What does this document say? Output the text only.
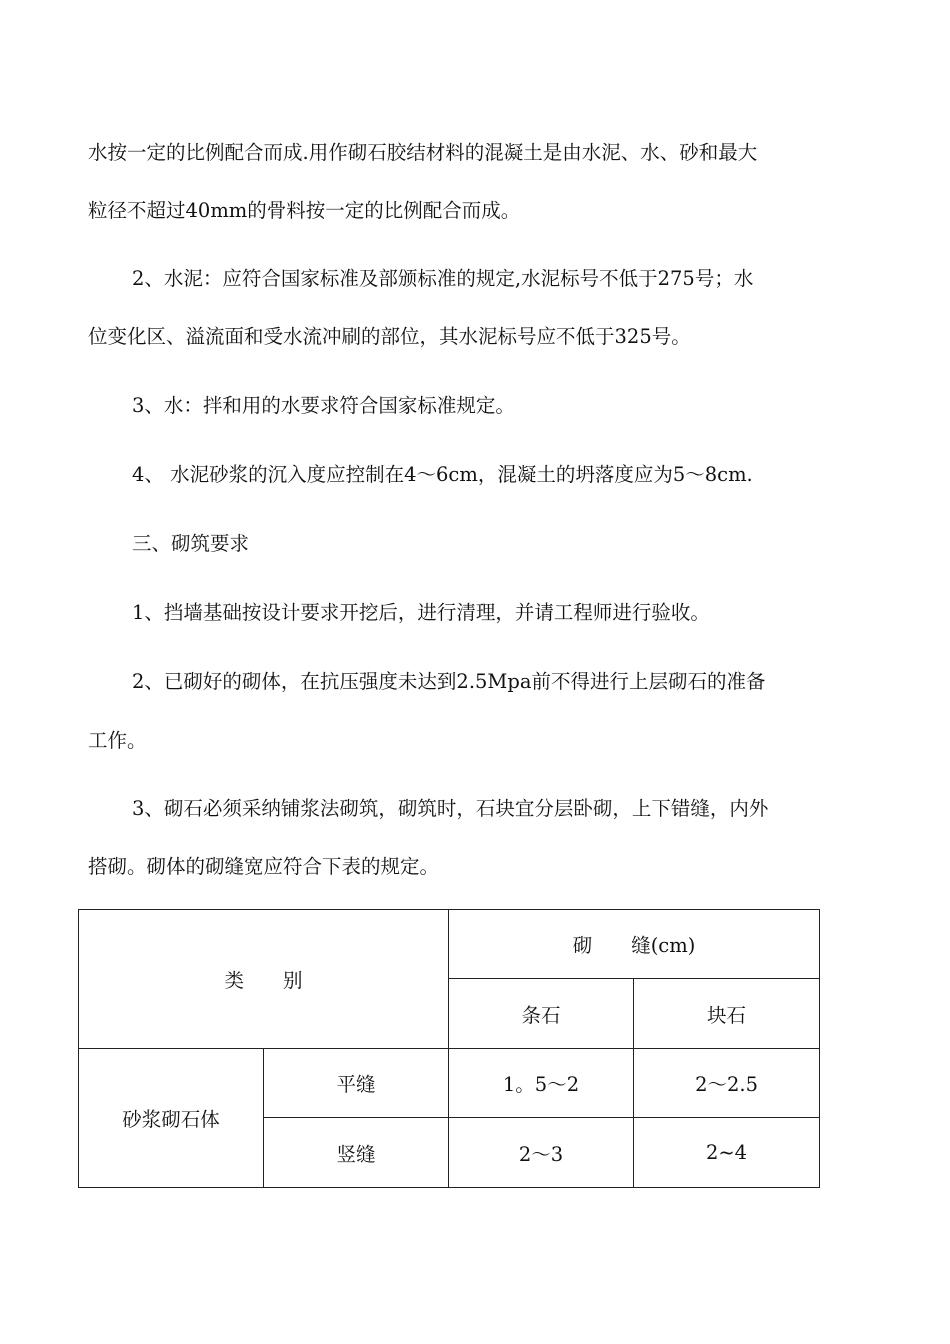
水按一定的比例配合而成.用作砌石胶结材料的混凝土是由水泥、水、砂和最大
粒径不超过40mm的骨料按一定的比例配合而成。
2、水泥：应符合国家标准及部颁标准的规定,水泥标号不低于275号；水
位变化区、溢流面和受水流冲刷的部位，其水泥标号应不低于325号。
3、水：拌和用的水要求符合国家标准规定。
4、 水泥砂浆的沉入度应控制在4～6cm，混凝土的坍落度应为5～8cm.
三、砌筑要求
1、挡墙基础按设计要求开挖后，进行清理，并请工程师进行验收。
2、已砌好的砌体，在抗压强度未达到2.5Mpa前不得进行上层砌石的准备
工作。
3、砌石必须采纳铺浆法砌筑，砌筑时，石块宜分层卧砌，上下错缝，内外
搭砌。砌体的砌缝宽应符合下表的规定。
类　　别		砌　　缝(cm)	
		条石	块石
砂浆砌石体	平缝	1。5～2	2～2.5
	竖缝	2～3	2~4
